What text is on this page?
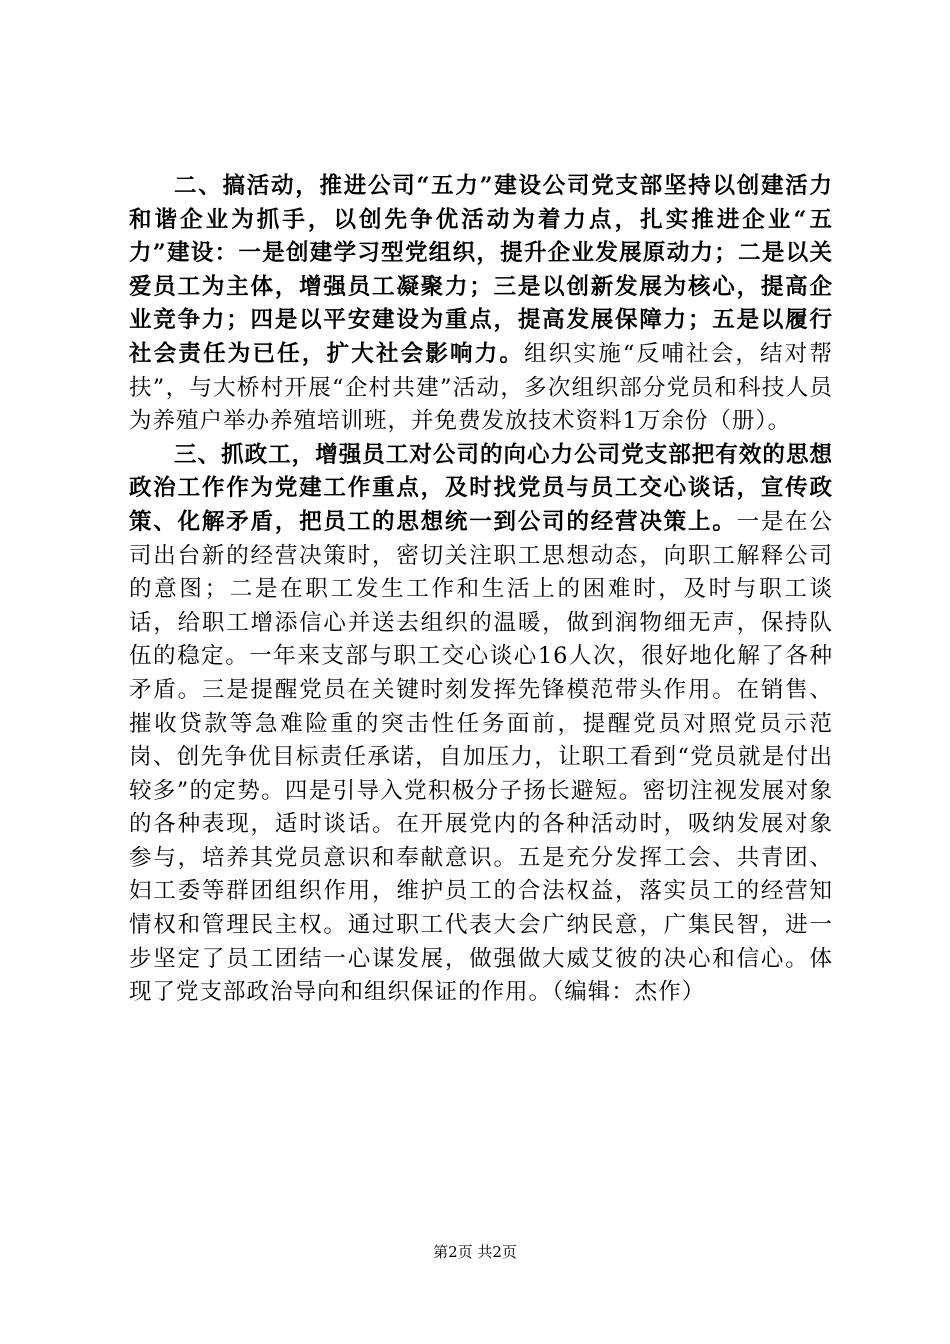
二、搞活动，推进公司“五力”建设公司党支部坚持以创建活力和谐企业为抓手，以创先争优活动为着力点，扎实推进企业“五力”建设：一是创建学习型党组织，提升企业发展原动力；二是以关爱员工为主体，增强员工凝聚力；三是以创新发展为核心，提高企业竞争力；四是以平安建设为重点，提高发展保障力；五是以履行社会责任为已任，扩大社会影响力。组织实施“反哺社会，结对帮扶”，与大桥村开展“企村共建”活动，多次组织部分党员和科技人员为养殖户举办养殖培训班，并免费发放技术资料1万余份（册）。

三、抓政工，增强员工对公司的向心力公司党支部把有效的思想政治工作作为党建工作重点，及时找党员与员工交心谈话，宣传政策、化解矛盾，把员工的思想统一到公司的经营决策上。一是在公司出台新的经营决策时，密切关注职工思想动态，向职工解释公司的意图；二是在职工发生工作和生活上的困难时，及时与职工谈话，给职工增添信心并送去组织的温暖，做到润物细无声，保持队伍的稳定。一年来支部与职工交心谈心16人次，很好地化解了各种矛盾。三是提醒党员在关键时刻发挥先锋模范带头作用。在销售、摧收贷款等急难险重的突击性任务面前，提醒党员对照党员示范岗、创先争优目标责任承诺，自加压力，让职工看到“党员就是付出较多”的定势。四是引导入党积极分子扬长避短。密切注视发展对象的各种表现，适时谈话。在开展党内的各种活动时，吸纳发展对象参与，培养其党员意识和奉献意识。五是充分发挥工会、共青团、妇工委等群团组织作用，维护员工的合法权益，落实员工的经营知情权和管理民主权。通过职工代表大会广纳民意，广集民智，进一步坚定了员工团结一心谋发展，做强做大威艾彼的决心和信心。体现了党支部政治导向和组织保证的作用。（编辑：杰作）

第2页 共2页
